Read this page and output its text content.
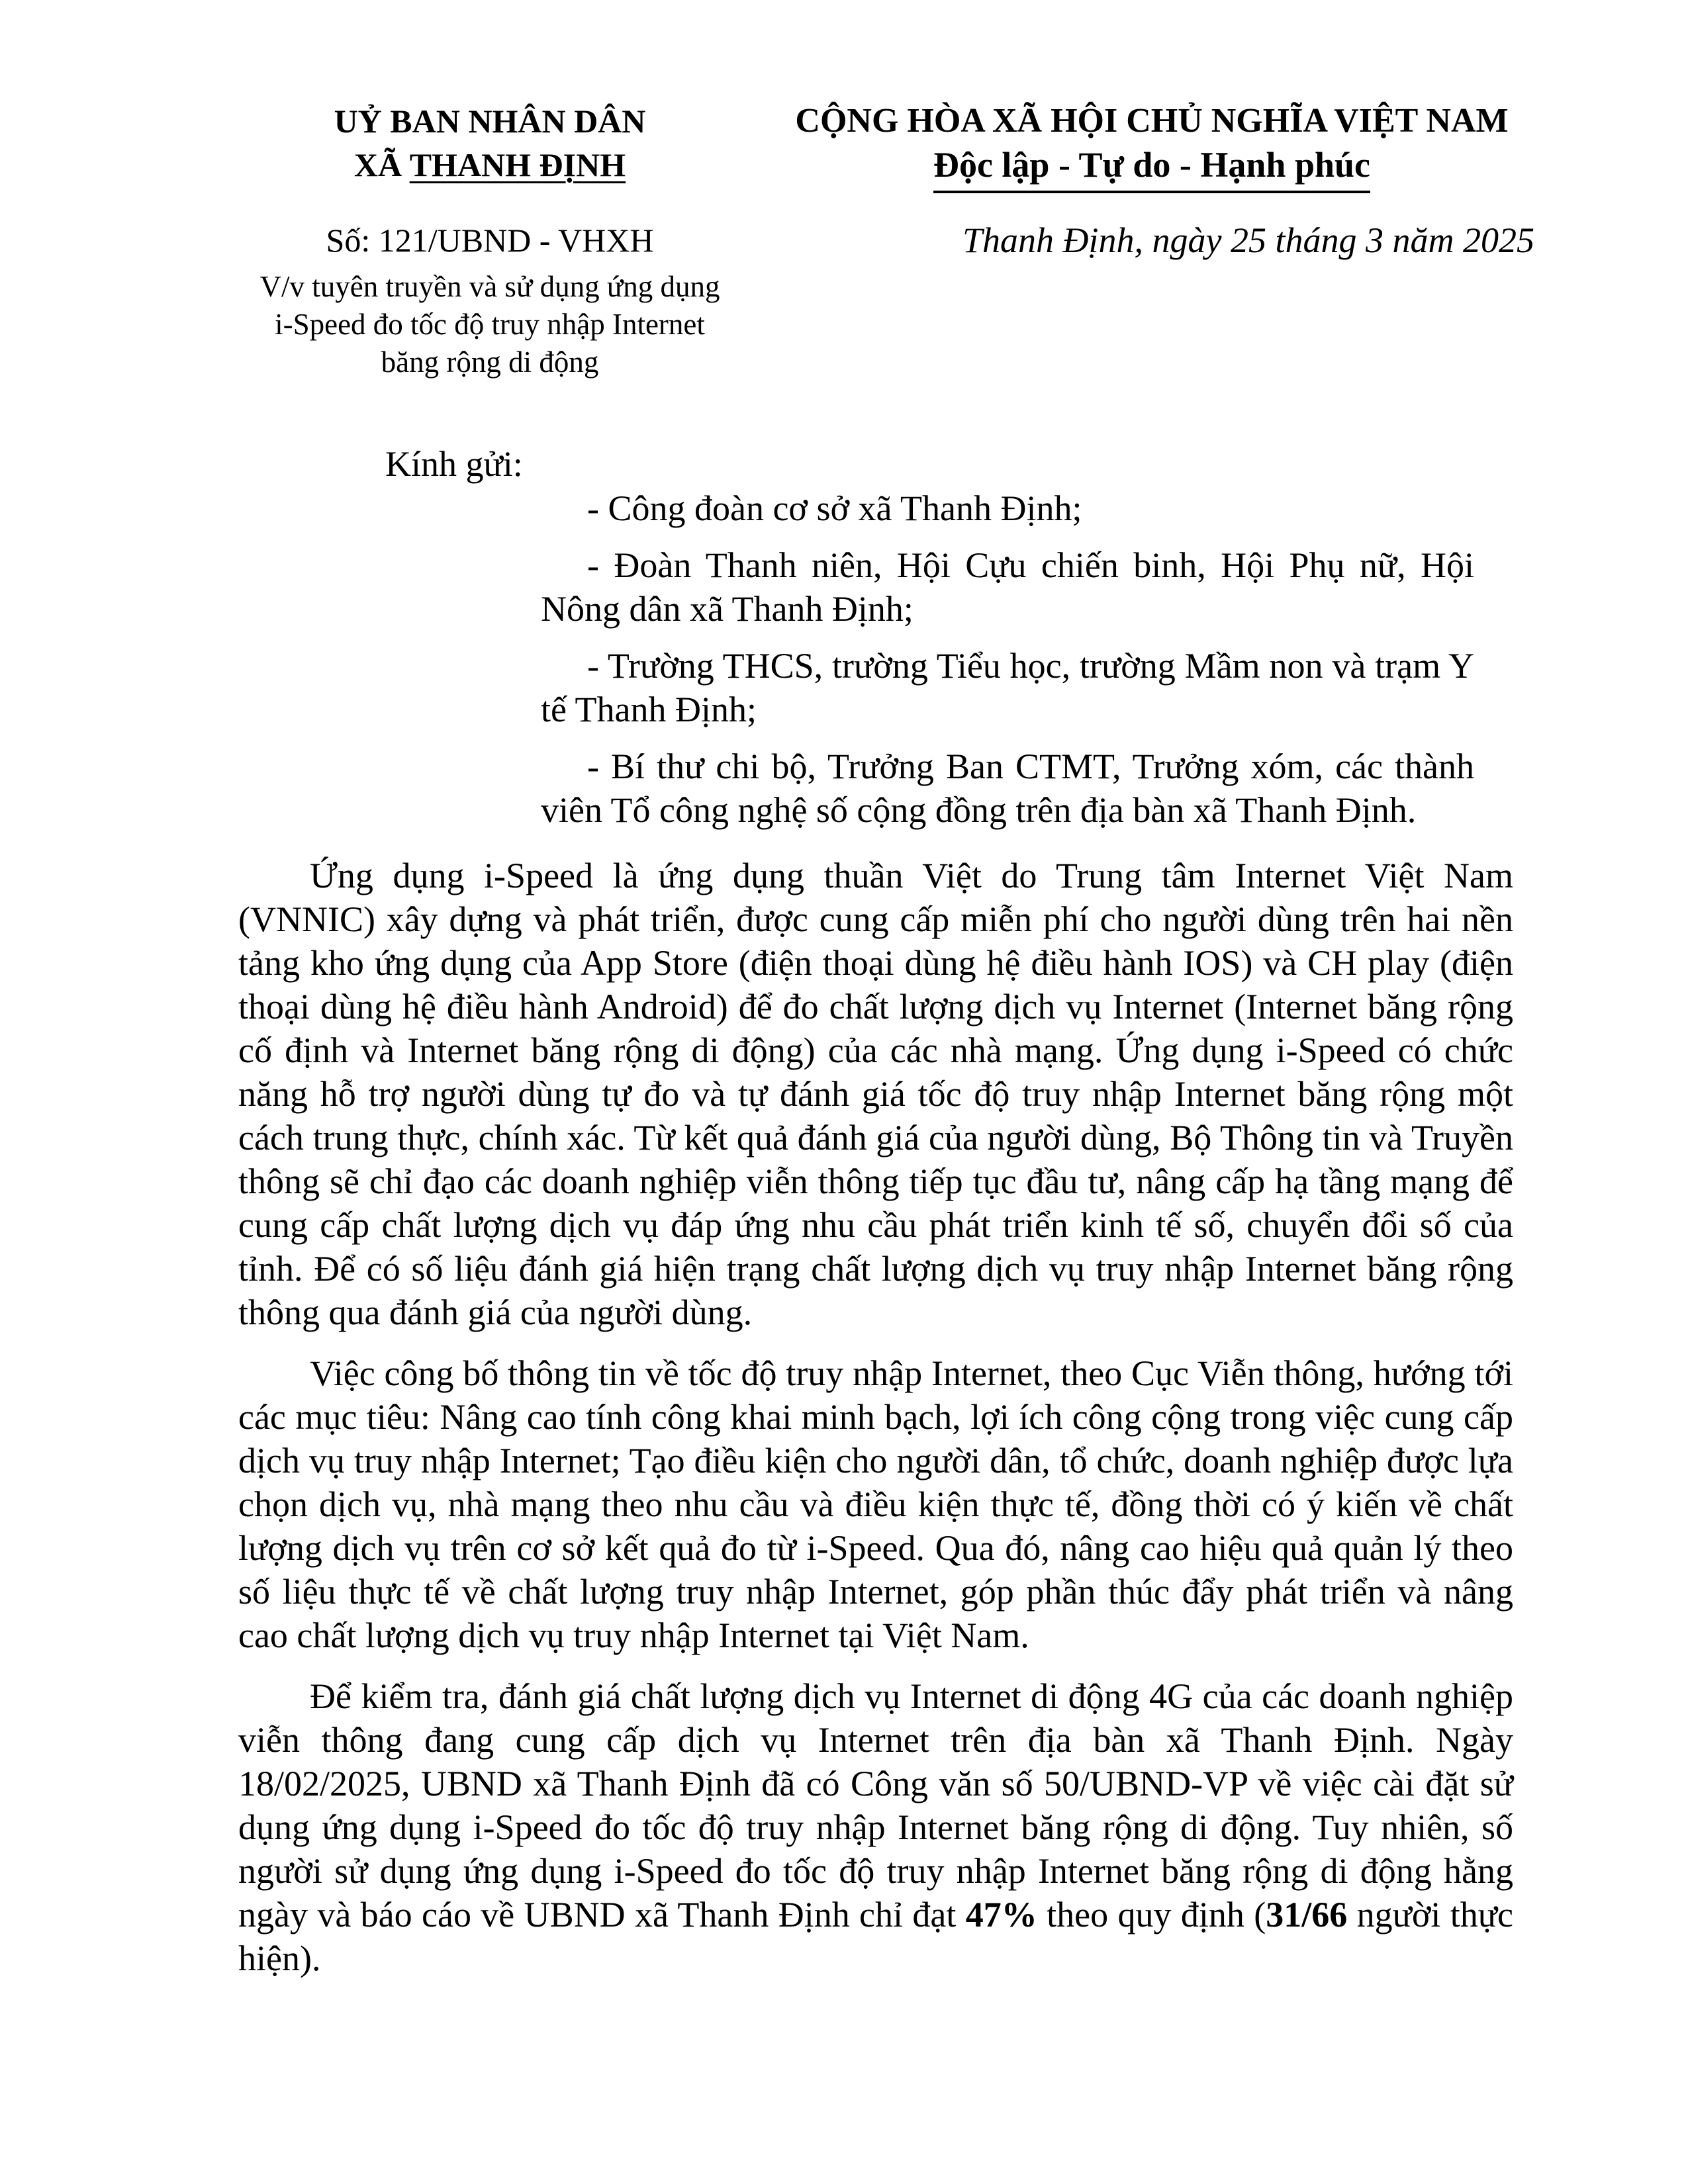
UỶ BAN NHÂN DÂN
XÃ THANH ĐỊNH
CỘNG HÒA XÃ HỘI CHỦ NGHĨA VIỆT NAM
Độc lập - Tự do - Hạnh phúc
Số: 121/UBND - VHXH
V/v tuyên truyền và sử dụng ứng dụng
i-Speed đo tốc độ truy nhập Internet
băng rộng di động
Thanh Định, ngày 25 tháng 3 năm 2025
Kính gửi:

- Công đoàn cơ sở xã Thanh Định;

- Đoàn Thanh niên, Hội Cựu chiến binh, Hội Phụ nữ, Hội Nông dân xã Thanh Định;

- Trường THCS, trường Tiểu học, trường Mầm non và trạm Y tế Thanh Định;

- Bí thư chi bộ, Trưởng Ban CTMT, Trưởng xóm, các thành viên Tổ công nghệ số cộng đồng trên địa bàn xã Thanh Định.

Ứng dụng i-Speed là ứng dụng thuần Việt do Trung tâm Internet Việt Nam (VNNIC) xây dựng và phát triển, được cung cấp miễn phí cho người dùng trên hai nền tảng kho ứng dụng của App Store (điện thoại dùng hệ điều hành IOS) và CH play (điện thoại dùng hệ điều hành Android) để đo chất lượng dịch vụ Internet (Internet băng rộng cố định và Internet băng rộng di động) của các nhà mạng. Ứng dụng i-Speed có chức năng hỗ trợ người dùng tự đo và tự đánh giá tốc độ truy nhập Internet băng rộng một cách trung thực, chính xác. Từ kết quả đánh giá của người dùng, Bộ Thông tin và Truyền thông sẽ chỉ đạo các doanh nghiệp viễn thông tiếp tục đầu tư, nâng cấp hạ tầng mạng để cung cấp chất lượng dịch vụ đáp ứng nhu cầu phát triển kinh tế số, chuyển đổi số của tỉnh. Để có số liệu đánh giá hiện trạng chất lượng dịch vụ truy nhập Internet băng rộng thông qua đánh giá của người dùng.

Việc công bố thông tin về tốc độ truy nhập Internet, theo Cục Viễn thông, hướng tới các mục tiêu: Nâng cao tính công khai minh bạch, lợi ích công cộng trong việc cung cấp dịch vụ truy nhập Internet; Tạo điều kiện cho người dân, tổ chức, doanh nghiệp được lựa chọn dịch vụ, nhà mạng theo nhu cầu và điều kiện thực tế, đồng thời có ý kiến về chất lượng dịch vụ trên cơ sở kết quả đo từ i-Speed. Qua đó, nâng cao hiệu quả quản lý theo số liệu thực tế về chất lượng truy nhập Internet, góp phần thúc đẩy phát triển và nâng cao chất lượng dịch vụ truy nhập Internet tại Việt Nam.

Để kiểm tra, đánh giá chất lượng dịch vụ Internet di động 4G của các doanh nghiệp viễn thông đang cung cấp dịch vụ Internet trên địa bàn xã Thanh Định. Ngày 18/02/2025, UBND xã Thanh Định đã có Công văn số 50/UBND-VP về việc cài đặt sử dụng ứng dụng i-Speed đo tốc độ truy nhập Internet băng rộng di động. Tuy nhiên, số người sử dụng ứng dụng i-Speed đo tốc độ truy nhập Internet băng rộng di động hằng ngày và báo cáo về UBND xã Thanh Định chỉ đạt 47% theo quy định (31/66 người thực hiện).
